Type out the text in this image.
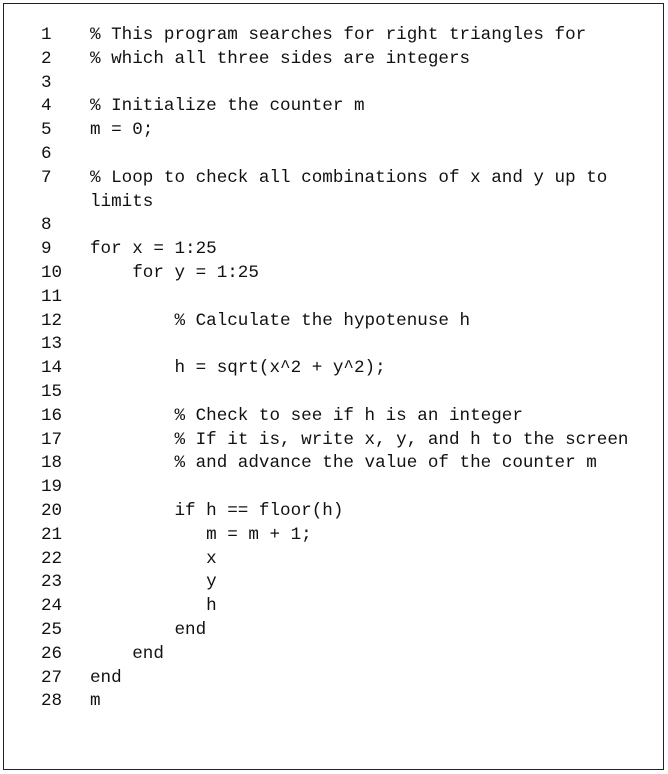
1	% This program searches for right triangles for
2	% which all three sides are integers
3
4	% Initialize the counter m
5	m = 0;
6
7	% Loop to check all combinations of x and y up to limits
8
9	for x = 1:25
10	for y = 1:25
11
12	% Calculate the hypotenuse h
13
14	h = sqrt(x^2 + y^2);
15
16	% Check to see if h is an integer
17	% If it is, write x, y, and h to the screen
18	% and advance the value of the counter m
19
20	if h == floor(h)
21	m = m + 1;
22	x
23	y
24	h
25	end
26	end
27	end
28	m
